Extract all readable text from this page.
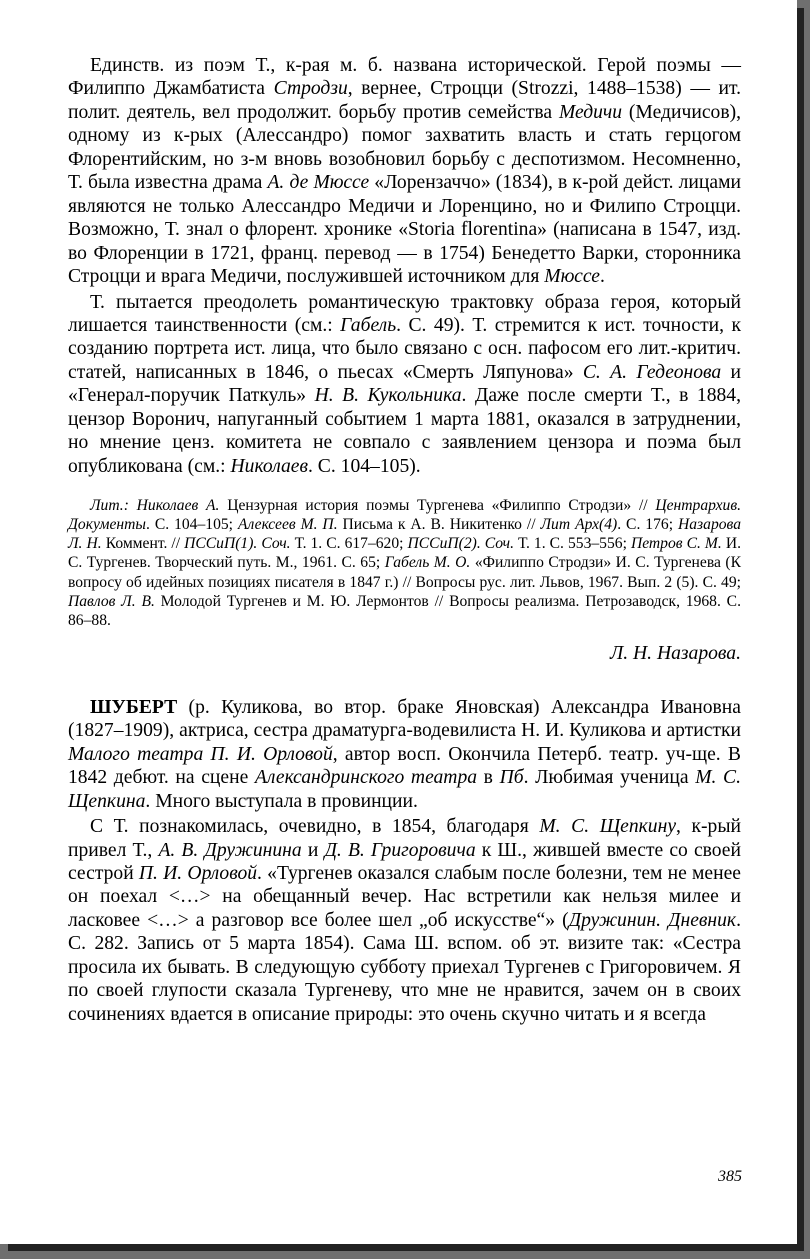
Единств. из поэм Т., к-рая м. б. названа исторической. Герой поэмы — Филиппо Джамбатиста Стродзи, вернее, Строцци (Strozzi, 1488–1538) — ит. полит. деятель, вел продолжит. борьбу против семейства Медичи (Медичисов), одному из к-рых (Алессандро) помог захватить власть и стать герцогом Флорентийским, но з-м вновь возобновил борьбу с деспотизмом. Несомненно, Т. была известна драма А. де Мюссе «Лорензаччо» (1834), в к-рой дейст. лицами являются не только Алессандро Медичи и Лоренцино, но и Филипо Строцци. Возможно, Т. знал о флорент. хронике «Storia florentina» (написана в 1547, изд. во Флоренции в 1721, франц. перевод — в 1754) Бенедетто Варки, сторонника Строцци и врага Медичи, послужившей источником для Мюссе.

Т. пытается преодолеть романтическую трактовку образа героя, который лишается таинственности (см.: Габель. С. 49). Т. стремится к ист. точности, к созданию портрета ист. лица, что было связано с осн. пафосом его лит.-критич. статей, написанных в 1846, о пьесах «Смерть Ляпунова» С. А. Гедеонова и «Генерал-поручик Паткуль» Н. В. Кукольника. Даже после смерти Т., в 1884, цензор Воронич, напуганный событием 1 марта 1881, оказался в затруднении, но мнение ценз. комитета не совпало с заявлением цензора и поэма был опубликована (см.: Николаев. С. 104–105).

Лит.: Николаев А. Цензурная история поэмы Тургенева «Филиппо Стродзи» // Центрархив. Документы. С. 104–105; Алексеев М. П. Письма к А. В. Никитенко // Лит Арх(4). С. 176; Назарова Л. Н. Коммент. // ПССиП(1). Соч. Т. 1. С. 617–620; ПССиП(2). Соч. Т. 1. С. 553–556; Петров С. М. И. С. Тургенев. Творческий путь. М., 1961. С. 65; Габель М. О. «Филиппо Стродзи» И. С. Тургенева (К вопросу об идейных позициях писателя в 1847 г.) // Вопросы рус. лит. Львов, 1967. Вып. 2 (5). С. 49; Павлов Л. В. Молодой Тургенев и М. Ю. Лермонтов // Вопросы реализма. Петрозаводск, 1968. С. 86–88.

Л. Н. Назарова.

ШУБЕРТ (р. Куликова, во втор. браке Яновская) Александра Ивановна (1827–1909), актриса, сестра драматурга-водевилиста Н. И. Куликова и артистки Малого театра П. И. Орловой, автор восп. Окончила Петерб. театр. уч-ще. В 1842 дебют. на сцене Александринского театра в Пб. Любимая ученица М. С. Щепкина. Много выступала в провинции.

С Т. познакомилась, очевидно, в 1854, благодаря М. С. Щепкину, к-рый привел Т., А. В. Дружинина и Д. В. Григоровича к Ш., жившей вместе со своей сестрой П. И. Орловой. «Тургенев оказался слабым после болезни, тем не менее он поехал <…> на обещанный вечер. Нас встретили как нельзя милее и ласковее <…> а разговор все более шел „об искусстве“» (Дружинин. Дневник. С. 282. Запись от 5 марта 1854). Сама Ш. вспом. об эт. визите так: «Сестра просила их бывать. В следующую субботу приехал Тургенев с Григоровичем. Я по своей глупости сказала Тургеневу, что мне не нравится, зачем он в своих сочинениях вдается в описание природы: это очень скучно читать и я всегда

385
